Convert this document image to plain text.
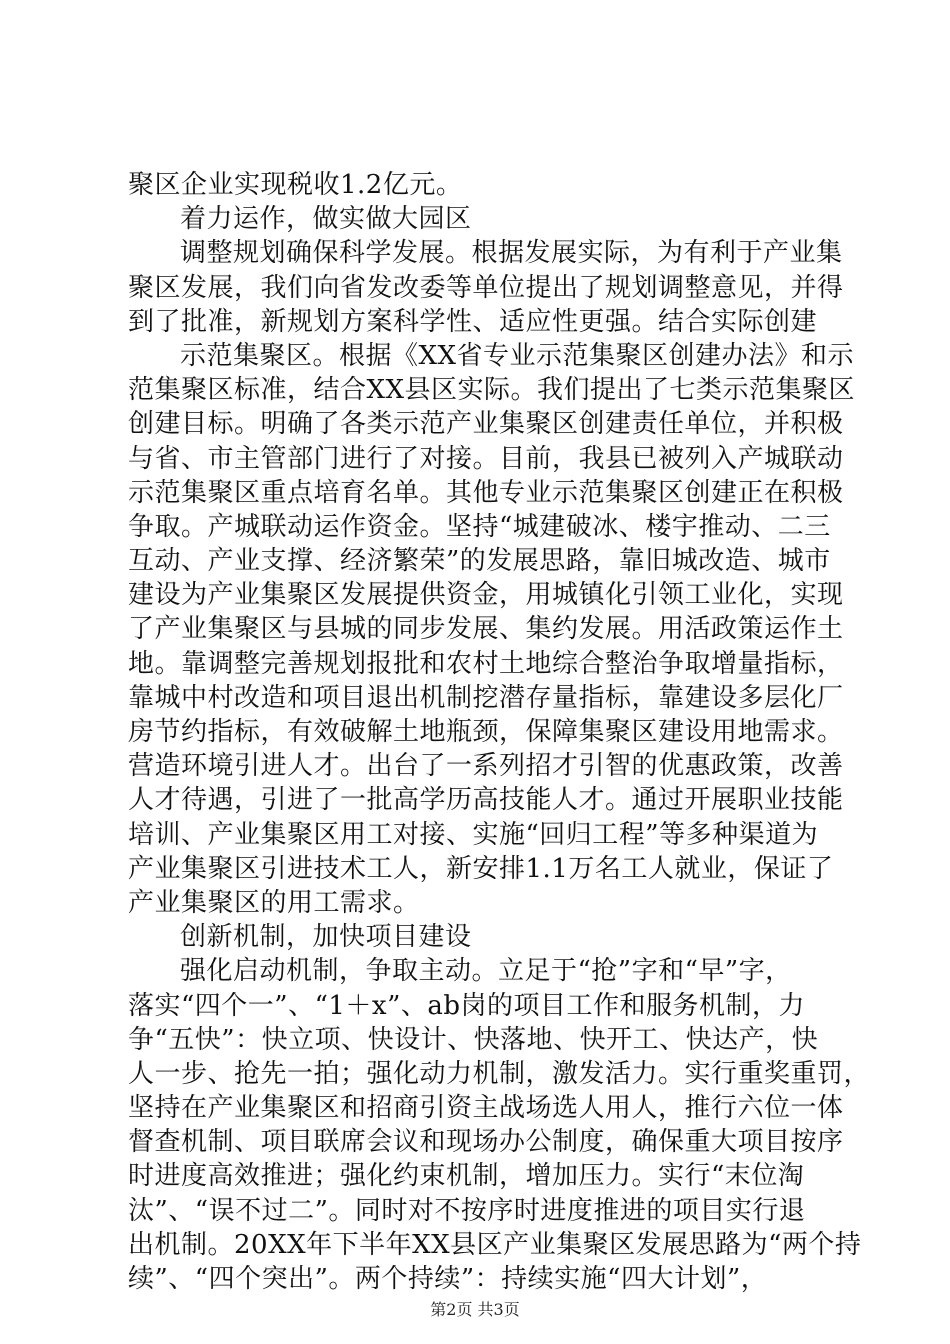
聚区企业实现税收1.2亿元。
着力运作，做实做大园区
调整规划确保科学发展。根据发展实际，为有利于产业集
聚区发展，我们向省发改委等单位提出了规划调整意见，并得
到了批准，新规划方案科学性、适应性更强。结合实际创建
示范集聚区。根据《XX省专业示范集聚区创建办法》和示
范集聚区标准，结合XX县区实际。我们提出了七类示范集聚区
创建目标。明确了各类示范产业集聚区创建责任单位，并积极
与省、市主管部门进行了对接。目前，我县已被列入产城联动
示范集聚区重点培育名单。其他专业示范集聚区创建正在积极
争取。产城联动运作资金。坚持“城建破冰、楼宇推动、二三
互动、产业支撑、经济繁荣”的发展思路，靠旧城改造、城市
建设为产业集聚区发展提供资金，用城镇化引领工业化，实现
了产业集聚区与县城的同步发展、集约发展。用活政策运作土
地。靠调整完善规划报批和农村土地综合整治争取增量指标，
靠城中村改造和项目退出机制挖潜存量指标，靠建设多层化厂
房节约指标，有效破解土地瓶颈，保障集聚区建设用地需求。
营造环境引进人才。出台了一系列招才引智的优惠政策，改善
人才待遇，引进了一批高学历高技能人才。通过开展职业技能
培训、产业集聚区用工对接、实施“回归工程”等多种渠道为
产业集聚区引进技术工人，新安排1.1万名工人就业，保证了
产业集聚区的用工需求。
创新机制，加快项目建设
强化启动机制，争取主动。立足于“抢”字和“早”字，
落实“四个一”、“1＋x”、ab岗的项目工作和服务机制，力
争“五快”：快立项、快设计、快落地、快开工、快达产，快
人一步、抢先一拍；强化动力机制，激发活力。实行重奖重罚，
坚持在产业集聚区和招商引资主战场选人用人，推行六位一体
督查机制、项目联席会议和现场办公制度，确保重大项目按序
时进度高效推进；强化约束机制，增加压力。实行“末位淘
汰”、“误不过二”。同时对不按序时进度推进的项目实行退
出机制。20XX年下半年XX县区产业集聚区发展思路为“两个持
续”、“四个突出”。两个持续”：持续实施“四大计划”，
第2页 共3页
